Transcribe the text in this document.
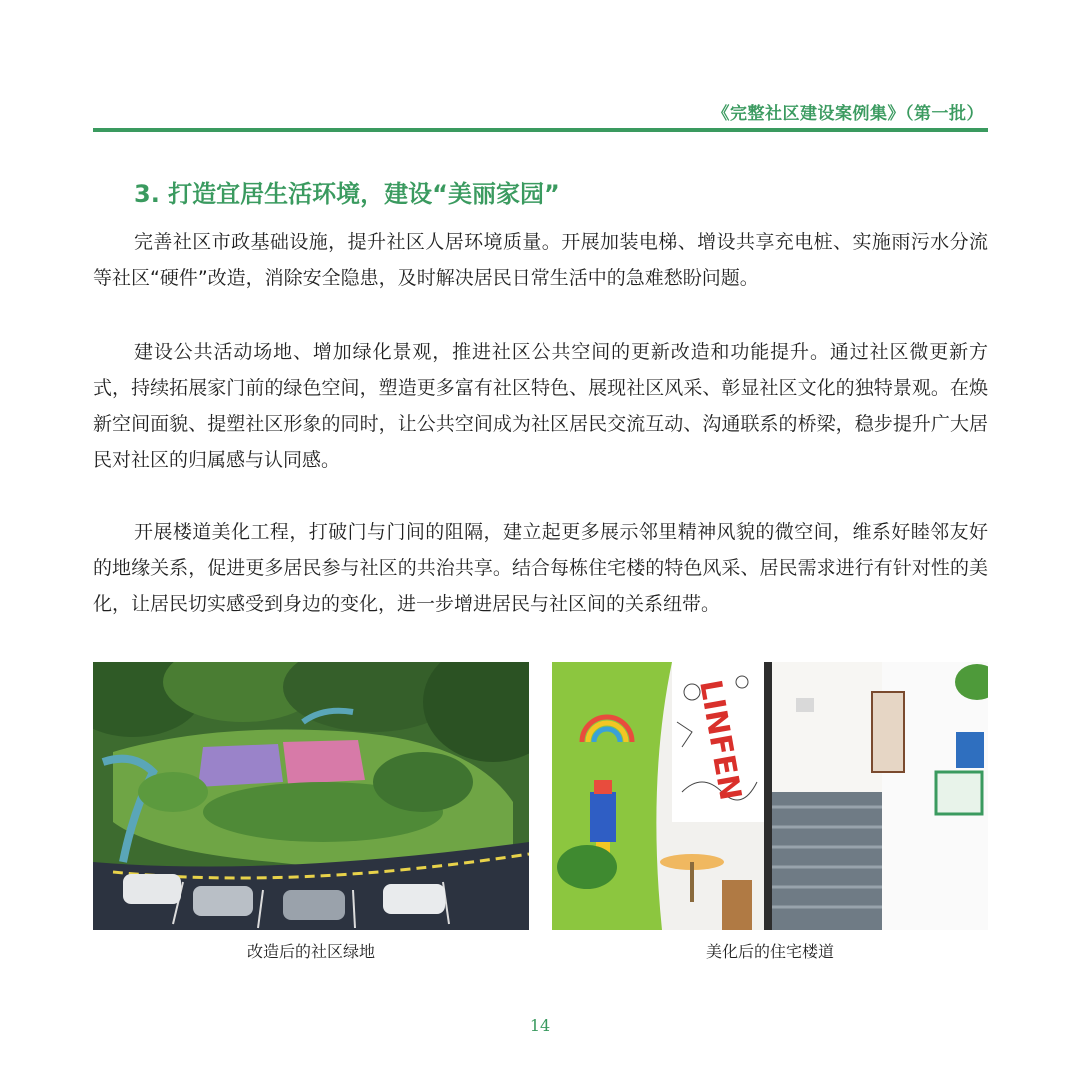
《完整社区建设案例集》（第一批）
3. 打造宜居生活环境，建设“美丽家园”

完善社区市政基础设施，提升社区人居环境质量。开展加装电梯、增设共享充电桩、实施雨污水分流等社区“硬件”改造，消除安全隐患，及时解决居民日常生活中的急难愁盼问题。

建设公共活动场地、增加绿化景观，推进社区公共空间的更新改造和功能提升。通过社区微更新方式，持续拓展家门前的绿色空间，塑造更多富有社区特色、展现社区风采、彰显社区文化的独特景观。在焕新空间面貌、提塑社区形象的同时，让公共空间成为社区居民交流互动、沟通联系的桥梁，稳步提升广大居民对社区的归属感与认同感。

开展楼道美化工程，打破门与门间的阻隔，建立起更多展示邻里精神风貌的微空间，维系好睦邻友好的地缘关系，促进更多居民参与社区的共治共享。结合每栋住宅楼的特色风采、居民需求进行有针对性的美化，让居民切实感受到身边的变化，进一步增进居民与社区间的关系纽带。

LINFEN
改造后的社区绿地	美化后的住宅楼道
14
